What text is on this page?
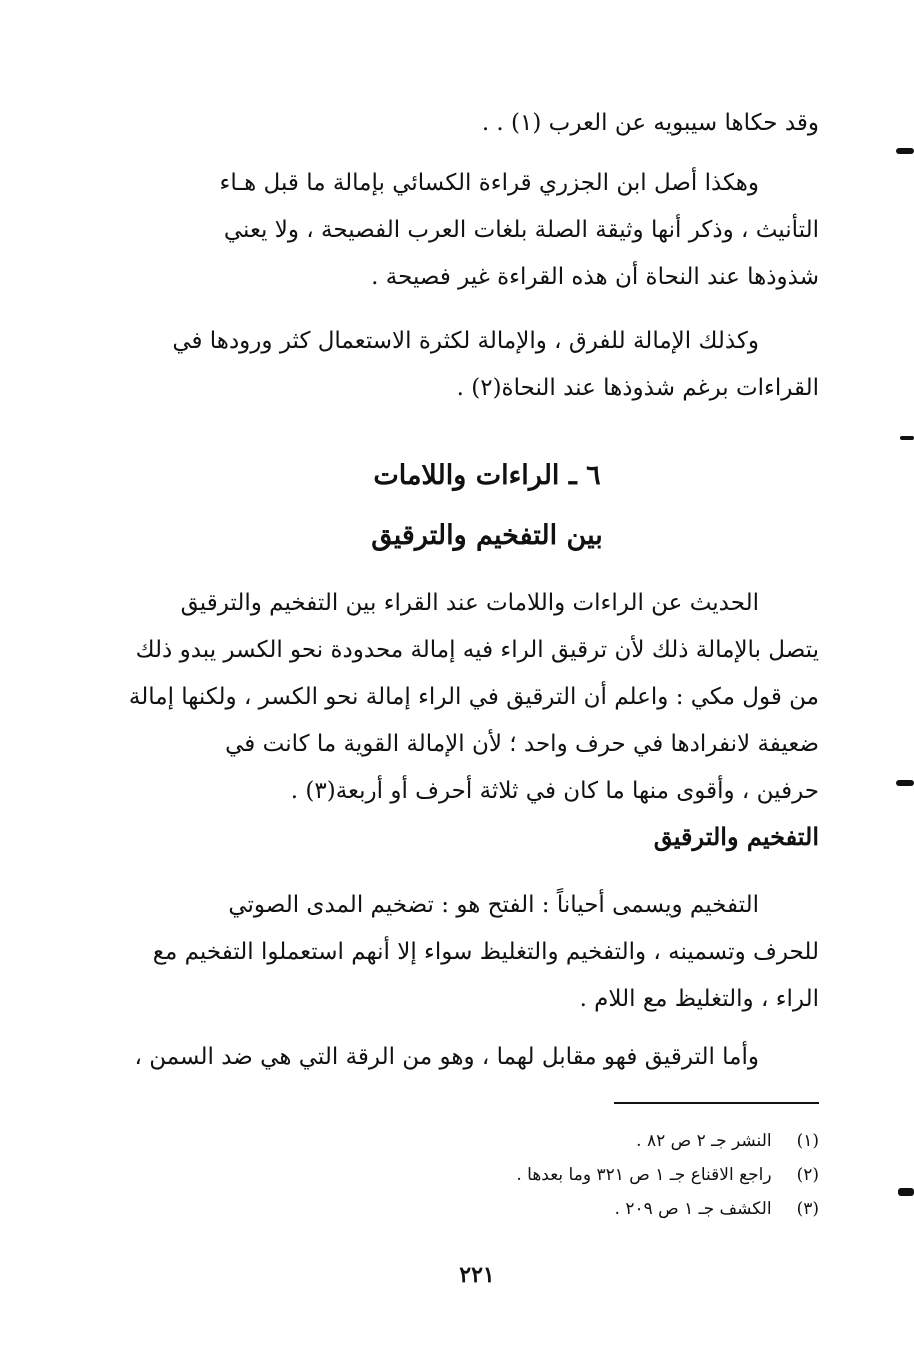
وقد حكاها سيبويه عن العرب (١) . .
وهكذا أصل ابن الجزري قراءة الكسائي بإمالة ما قبل هـاء
التأنيث ، وذكر أنها وثيقة الصلة بلغات العرب الفصيحة ، ولا يعني
شذوذها عند النحاة أن هذه القراءة غير فصيحة .
وكذلك الإمالة للفرق ، والإمالة لكثرة الاستعمال كثر ورودها في
القراءات برغم شذوذها عند النحاة(٢) .
٦ ـ الراءات واللامات
بين التفخيم والترقيق
الحديث عن الراءات واللامات عند القراء بين التفخيم والترقيق
يتصل بالإمالة ذلك لأن ترقيق الراء فيه إمالة محدودة نحو الكسر يبدو ذلك
من قول مكي : واعلم أن الترقيق في الراء إمالة نحو الكسر ، ولكنها إمالة
ضعيفة لانفرادها في حرف واحد ؛ لأن الإمالة القوية ما كانت في
حرفين ، وأقوى منها ما كان في ثلاثة أحرف أو أربعة(٣) .
التفخيم والترقيق
التفخيم ويسمى أحياناً : الفتح هو : تضخيم المدى الصوتي
للحرف وتسمينه ، والتفخيم والتغليظ سواء إلا أنهم استعملوا التفخيم مع
الراء ، والتغليظ مع اللام .
وأما الترقيق فهو مقابل لهما ، وهو من الرقة التي هي ضد السمن ،
(١) النشر جـ ٢ ص ٨٢ .
(٢) راجع الاقناع جـ ١ ص ٣٢١ وما بعدها .
(٣) الكشف جـ ١ ص ٢٠٩ .
٢٢١
